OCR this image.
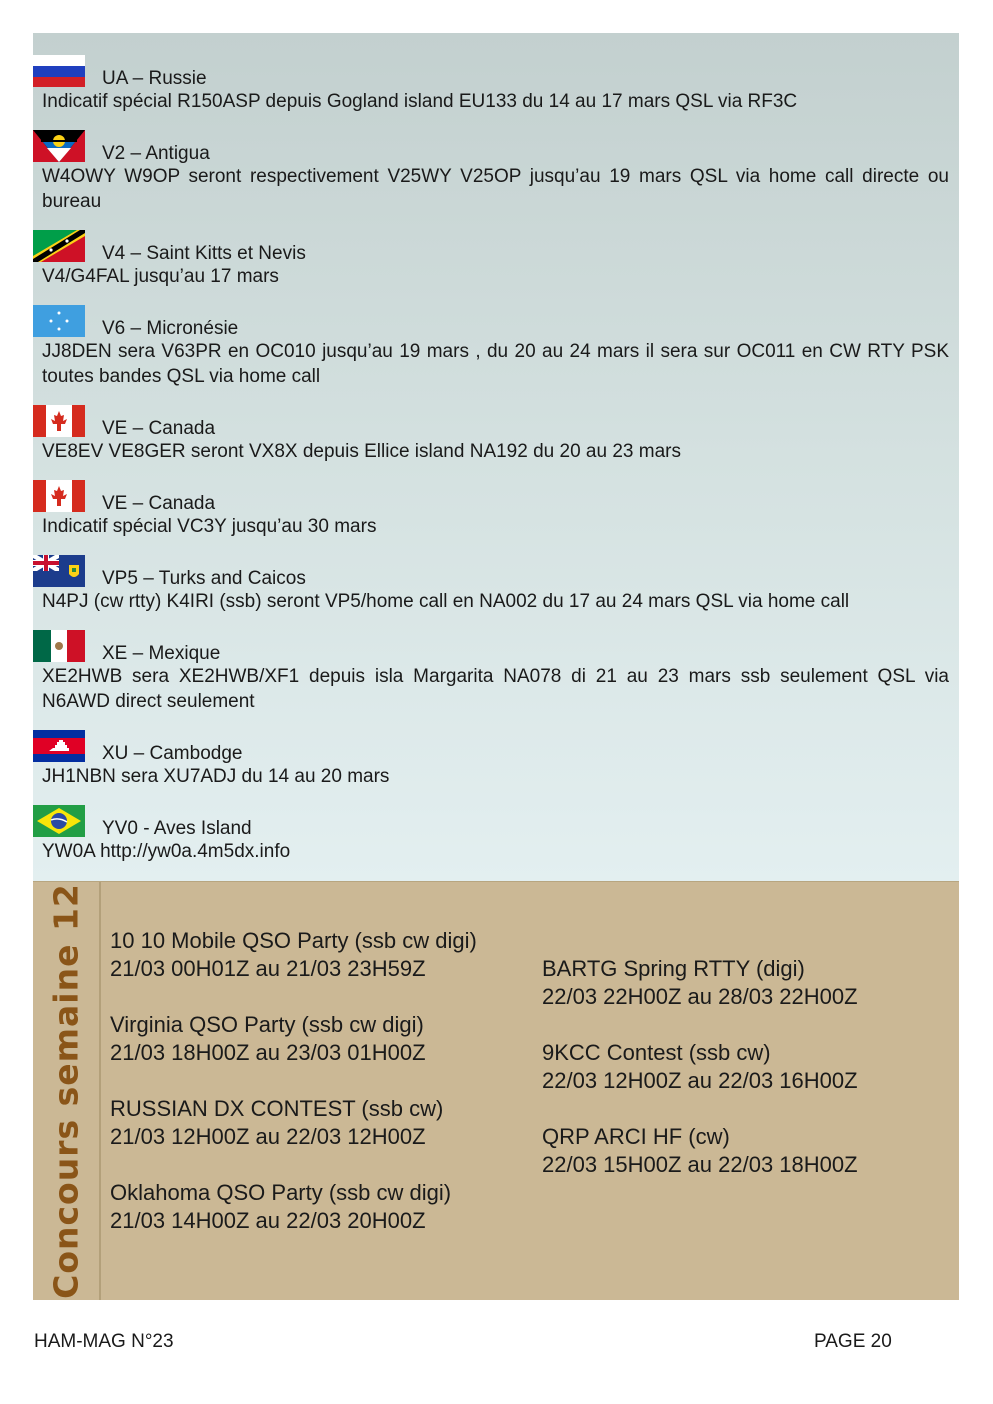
UA – Russie
Indicatif spécial R150ASP depuis Gogland island EU133 du 14 au 17 mars QSL via RF3C
V2 – Antigua
W4OWY W9OP seront respectivement V25WY V25OP jusqu’au 19 mars QSL via home call directe ou bureau
V4 – Saint Kitts et Nevis
V4/G4FAL jusqu’au 17 mars
V6 – Micronésie
JJ8DEN sera V63PR en OC010 jusqu’au 19 mars , du 20 au 24 mars il sera sur OC011 en CW RTY PSK toutes bandes QSL via home call
VE – Canada
VE8EV VE8GER seront VX8X depuis Ellice island NA192 du 20 au 23 mars
VE – Canada
Indicatif spécial VC3Y jusqu’au 30 mars
VP5 – Turks and Caicos
N4PJ (cw rtty) K4IRI (ssb) seront VP5/home call en NA002 du 17 au 24 mars QSL via home call
XE – Mexique
XE2HWB sera XE2HWB/XF1 depuis isla Margarita NA078 di 21 au 23 mars ssb seulement QSL via N6AWD direct seulement
XU – Cambodge
JH1NBN sera XU7ADJ du 14 au 20 mars
YV0 - Aves Island
YW0A http://yw0a.4m5dx.info
Concours semaine 12 10 10 Mobile QSO Party (ssb cw digi)
21/03 00H01Z au 21/03 23H59Z
Virginia QSO Party (ssb cw digi)
21/03 18H00Z au 23/03 01H00Z
RUSSIAN DX CONTEST (ssb cw)
21/03 12H00Z au 22/03 12H00Z
Oklahoma QSO Party (ssb cw digi)
21/03 14H00Z au 22/03 20H00Z
BARTG Spring RTTY (digi)
22/03 22H00Z au 28/03 22H00Z
9KCC Contest (ssb cw)
22/03 12H00Z au 22/03 16H00Z
QRP ARCI HF (cw)
22/03 15H00Z au 22/03 18H00Z
HAM-MAG N°23	PAGE 20
